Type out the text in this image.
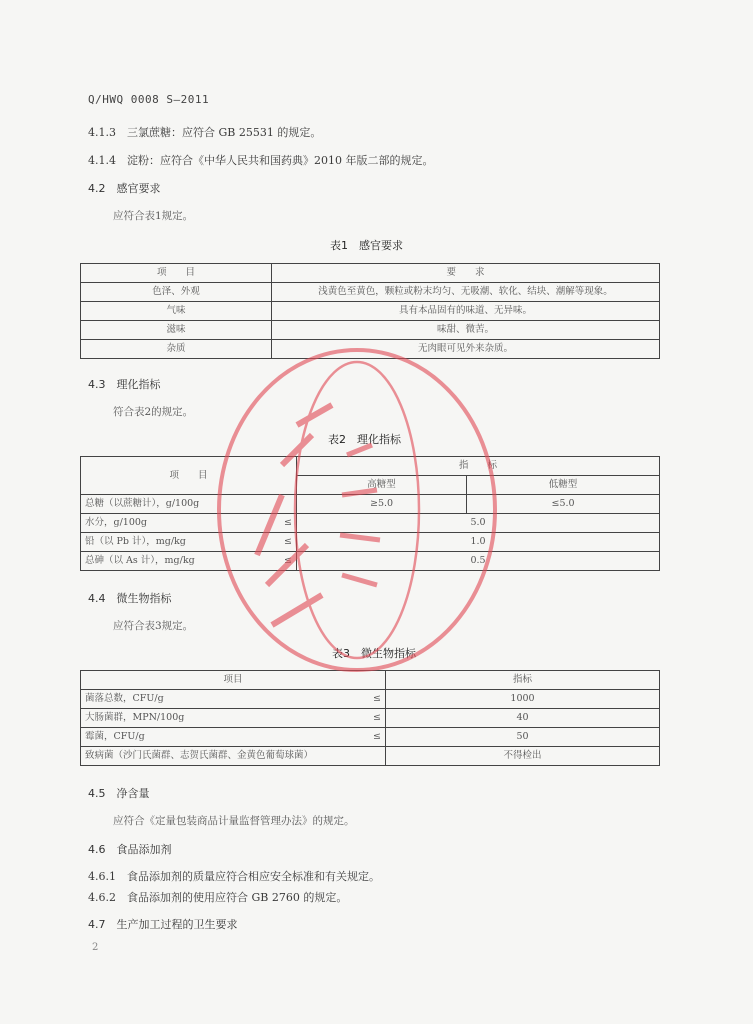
Q/HWQ 0008 S—2011
4.1.3　三氯蔗糖：应符合 GB 25531 的规定。
4.1.4　淀粉：应符合《中华人民共和国药典》2010 年版二部的规定。
4.2　感官要求
应符合表1规定。
表1　感官要求
项　　目	要　　求
色泽、外观	浅黄色至黄色，颗粒或粉末均匀、无吸潮、软化、结块、潮解等现象。
气味	具有本品固有的味道、无异味。
滋味	味甜、微苦。
杂质	无肉眼可见外来杂质。
4.3　理化指标
符合表2的规定。
表2　理化指标
项　　目		指　　标	
		高糖型	低糖型
总糖（以蔗糖计），g/100g		≥5.0	≤5.0
水分，g/100g	≤	5.0	
铅（以 Pb 计），mg/kg	≤	1.0	
总砷（以 As 计），mg/kg	≤	0.5	
4.4　微生物指标
应符合表3规定。
表3　微生物指标
项目		指标
菌落总数，CFU/g	≤	1000
大肠菌群，MPN/100g	≤	40
霉菌，CFU/g	≤	50
致病菌（沙门氏菌群、志贺氏菌群、金黄色葡萄球菌）		不得检出
4.5　净含量
应符合《定量包装商品计量监督管理办法》的规定。
4.6　食品添加剂
4.6.1　食品添加剂的质量应符合相应安全标准和有关规定。
4.6.2　食品添加剂的使用应符合 GB 2760 的规定。
4.7　生产加工过程的卫生要求
2
